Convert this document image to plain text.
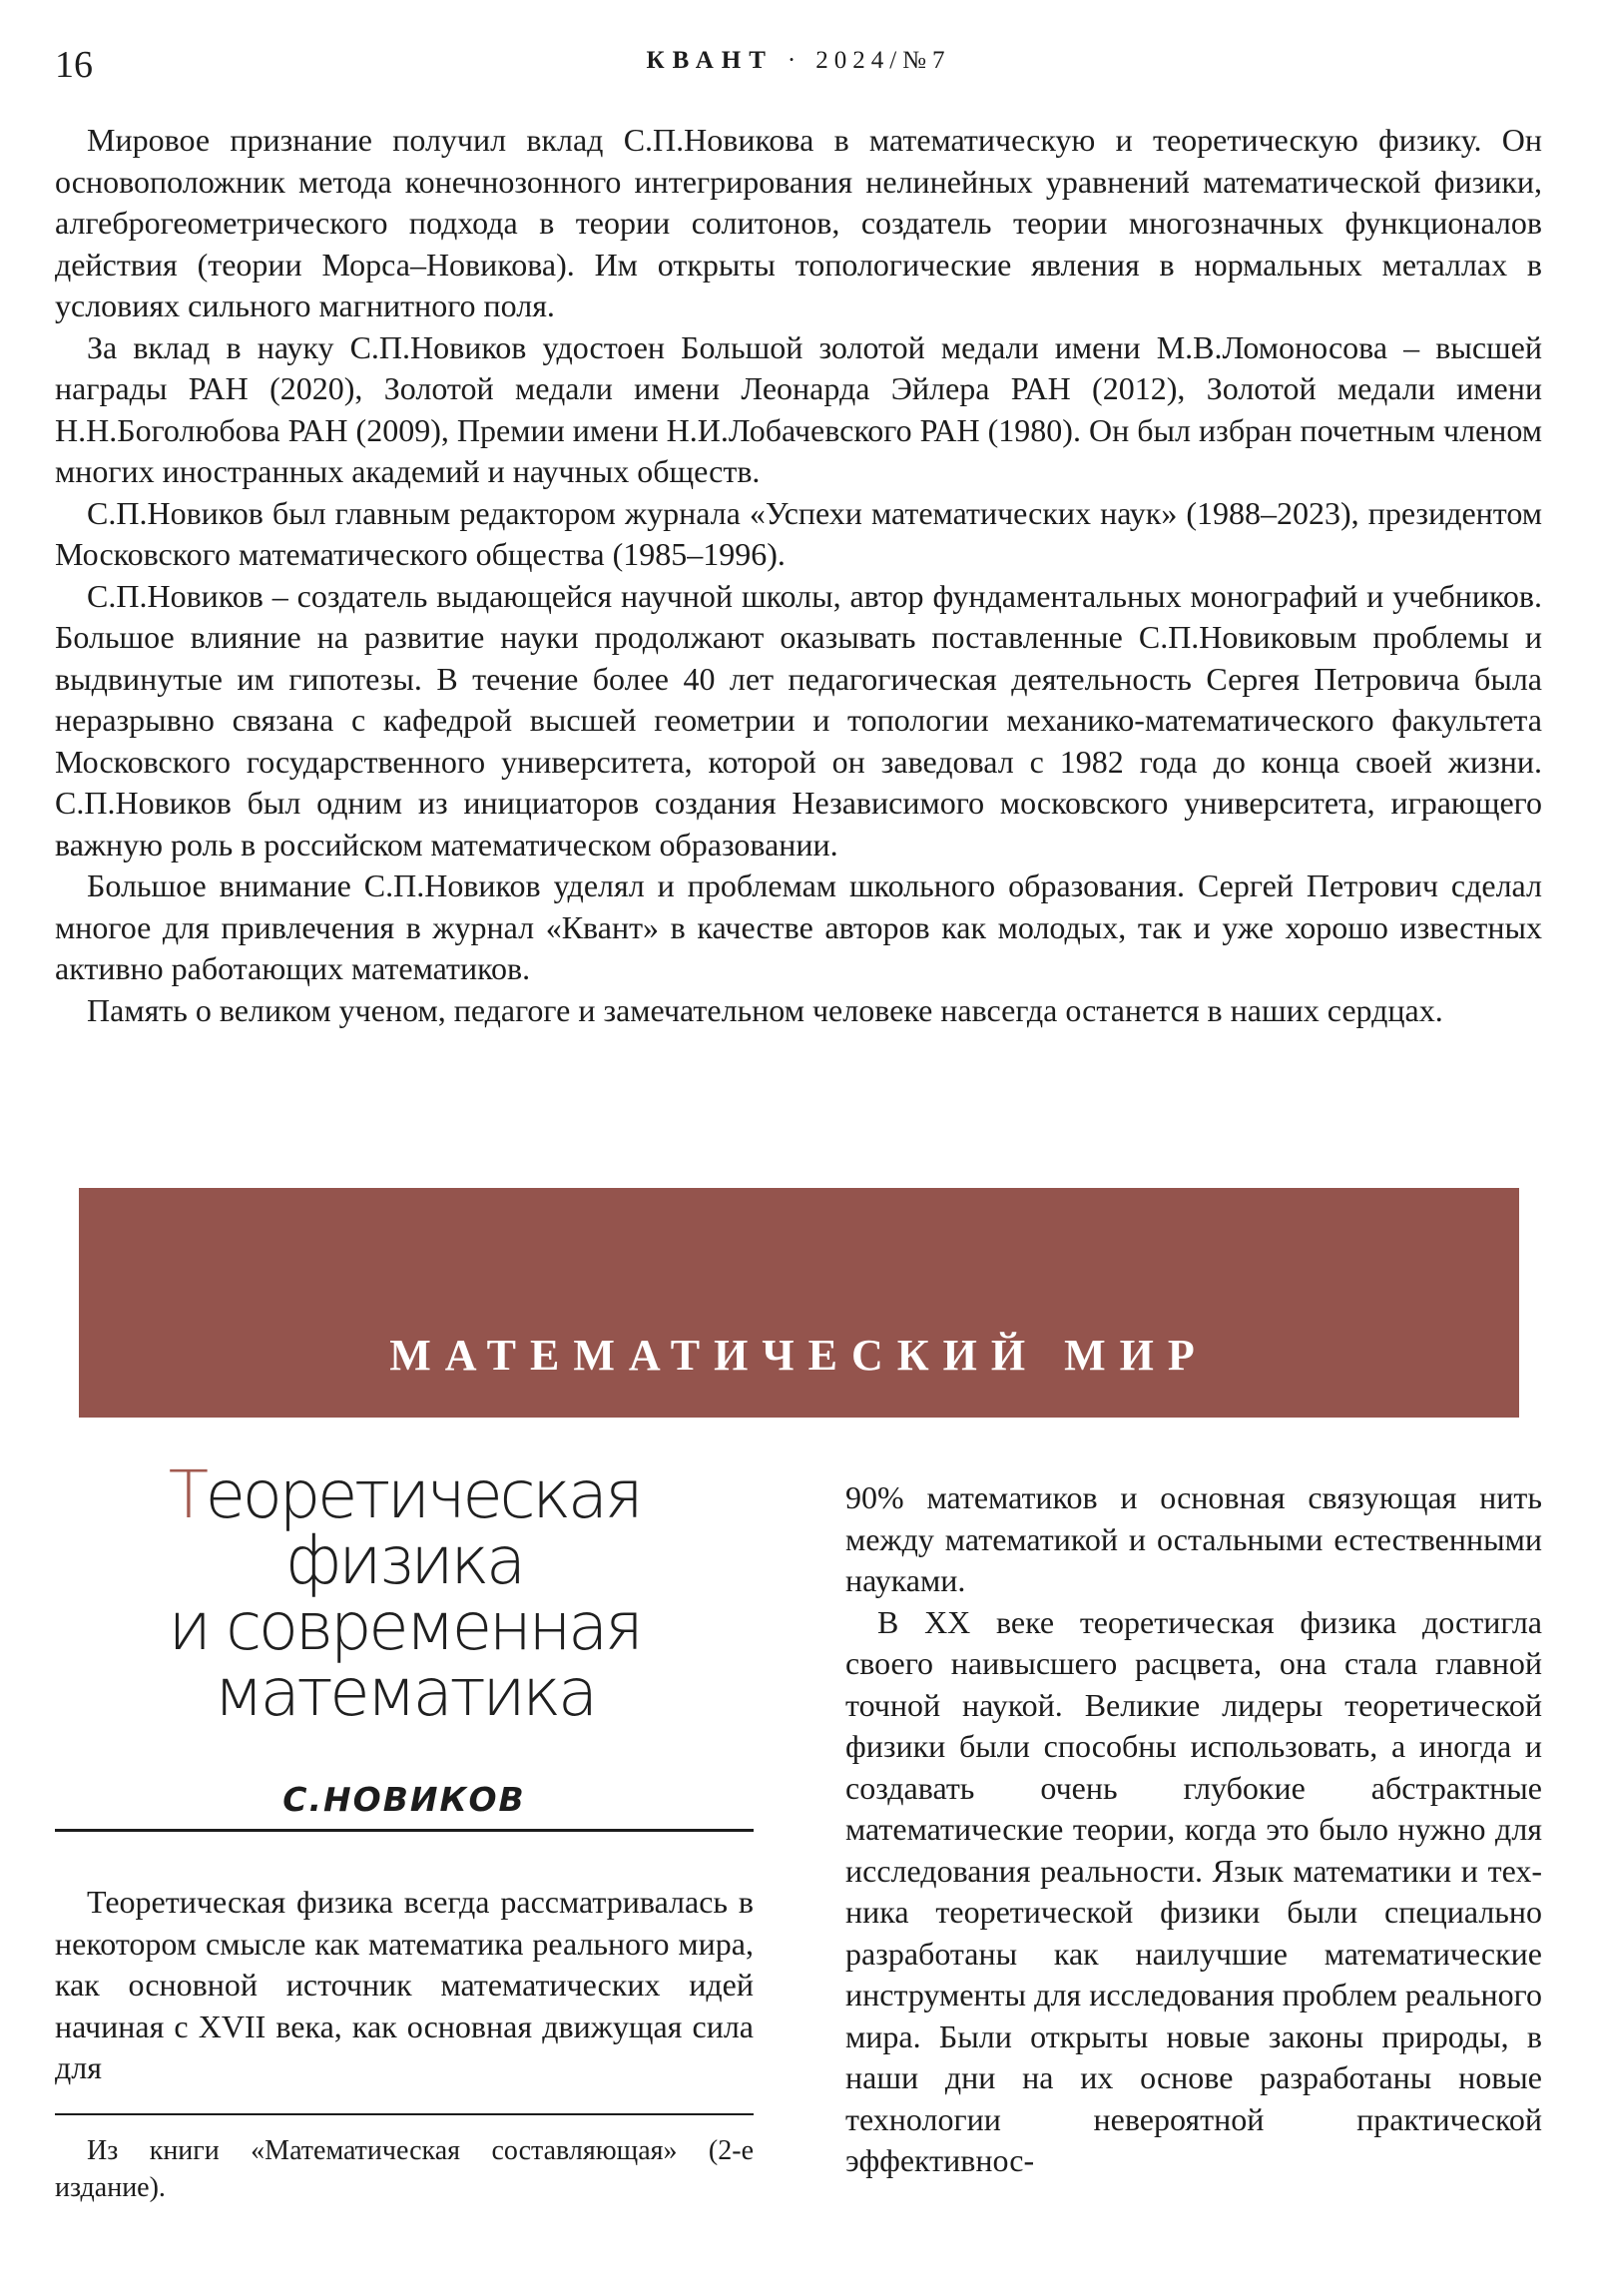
16	КВАНТ · 2024/№7

Мировое признание получил вклад С.П.Новикова в математическую и теоретическую физику. Он основоположник метода конечнозонного интегрирования нелинейных уравнений математической физики, алгеброгеометрического подхода в теории солитонов, создатель теории многозначных функционалов действия (теории Морса–Новикова). Им открыты топологические явления в нормальных металлах в условиях сильного магнитного поля.

За вклад в науку С.П.Новиков удостоен Большой золотой медали имени М.В.Ломоносова – высшей награды РАН (2020), Золотой медали имени Леонарда Эйлера РАН (2012), Золотой медали имени Н.Н.Боголюбова РАН (2009), Премии имени Н.И.Лобачевского РАН (1980). Он был избран почетным членом многих иностранных академий и научных обществ.

С.П.Новиков был главным редактором журнала «Успехи математических наук» (1988–2023), президентом Московского математического общества (1985–1996).

С.П.Новиков – создатель выдающейся научной школы, автор фундаментальных монографий и учебников. Большое влияние на развитие науки продолжают оказывать поставленные С.П.Новиковым проблемы и выдвинутые им гипотезы. В течение более 40 лет педагогическая деятельность Сергея Петровича была неразрывно связана с кафедрой высшей геометрии и топологии механико-математического факультета Московского государственного университета, которой он заведовал с 1982 года до конца своей жизни. С.П.Новиков был одним из инициаторов создания Независимого московского университета, играющего важную роль в российском математическом образовании.

Большое внимание С.П.Новиков уделял и проблемам школьного образования. Сергей Петрович сделал многое для привлечения в журнал «Квант» в качестве авторов как молодых, так и уже хорошо известных активно работающих математиков.

Память о великом ученом, педагоге и замечательном человеке навсегда останется в наших сердцах.

МАТЕМАТИЧЕСКИЙ МИР
Теоретическая физика
и современная
математика
С.НОВИКОВ

Теоретическая физика всегда рассматривалась в некотором смысле как математика реального мира, как основной источник математических идей начиная с XVII века, как основная движущая сила для

Из книги «Математическая составляющая» (2-е издание).

90% математиков и основная связующая нить между математикой и остальными естественными науками.

В XX веке теоретическая физика достигла своего наивысшего расцвета, она стала главной точной наукой. Великие лидеры теоретической физики были способны использовать, а иногда и создавать очень глубокие абстрактные математические теории, когда это было нужно для исследования реальности. Язык математики и техника теоретической физики были специально разработаны как наилучшие математические инструменты для исследования проблем реального мира. Были открыты новые законы природы, в наши дни на их основе разработаны новые технологии невероятной практической эффективнос-
